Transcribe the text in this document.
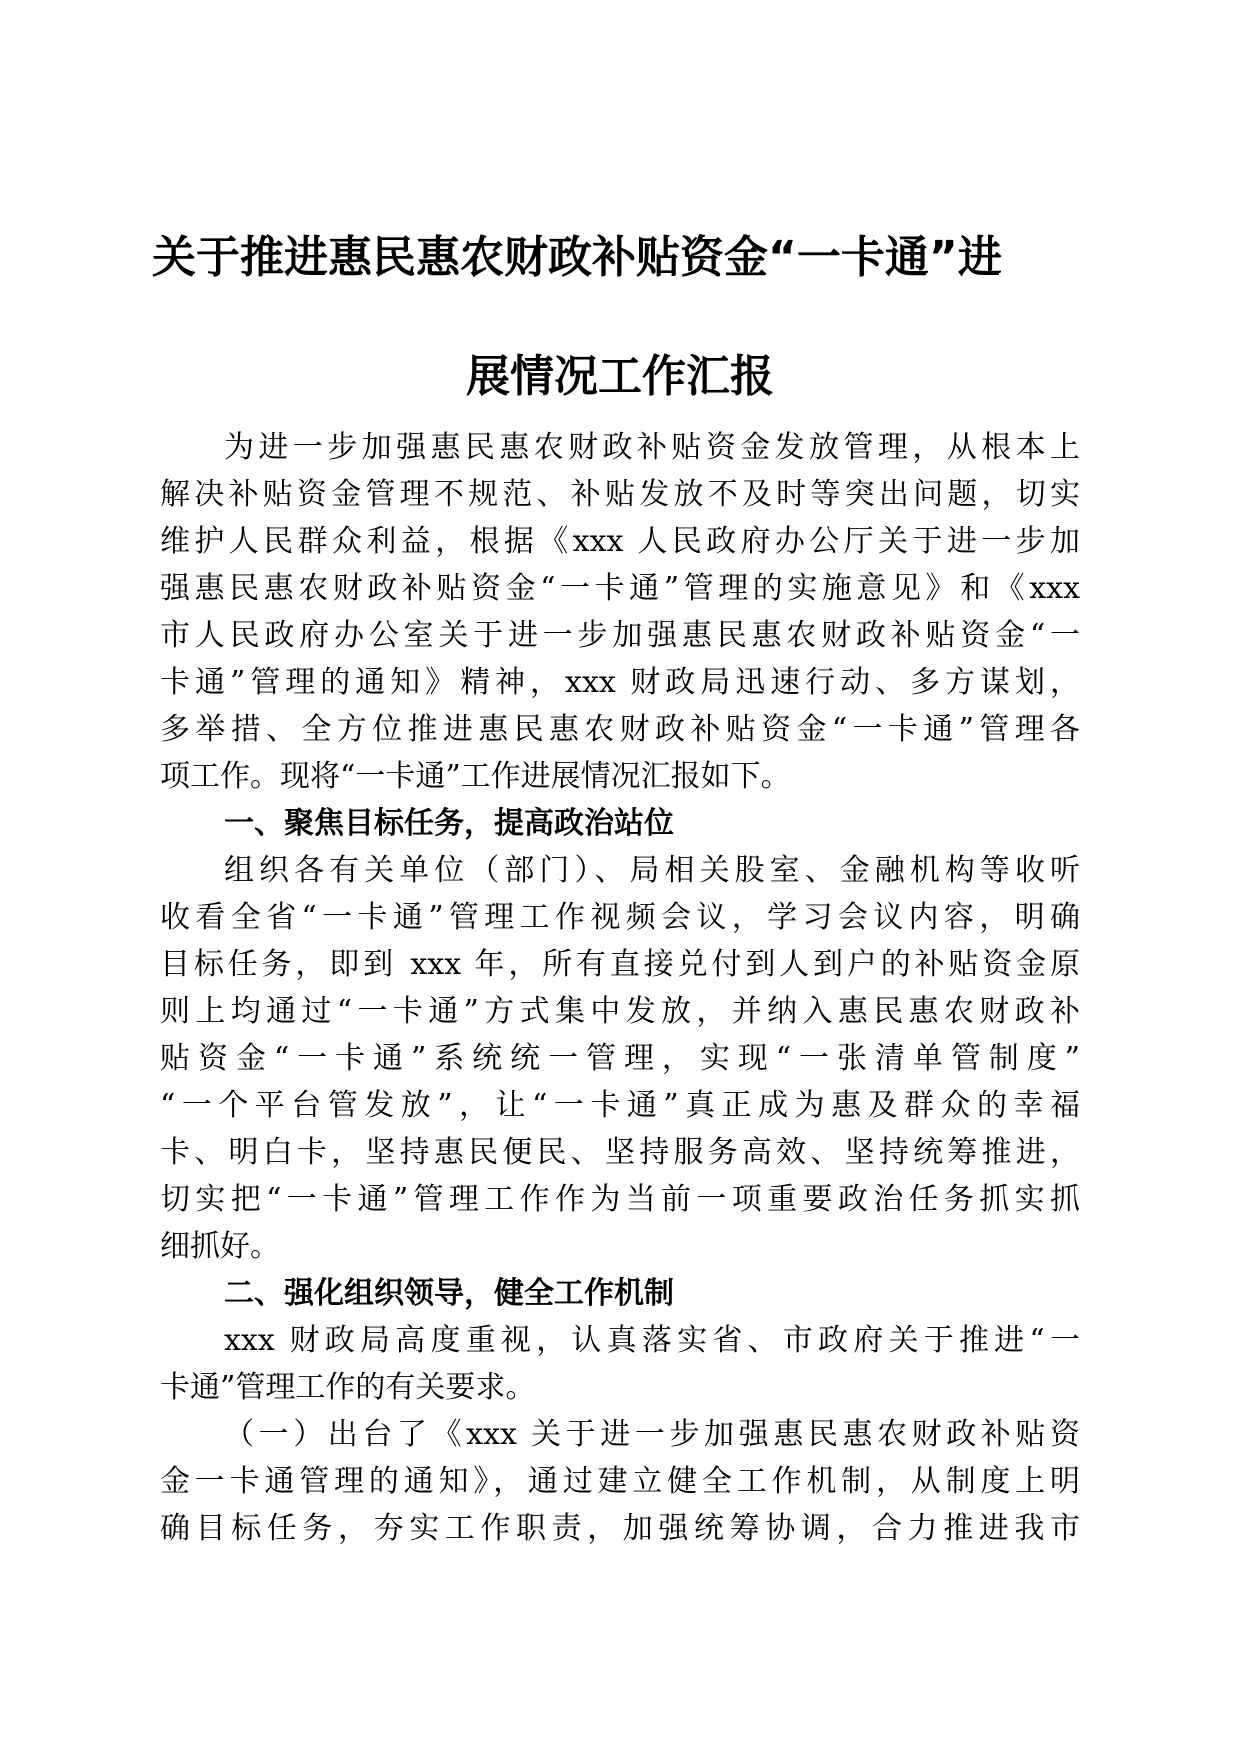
关于推进惠民惠农财政补贴资金“一卡通”进
展情况工作汇报

为进一步加强惠民惠农财政补贴资金发放管理，从根本上

解决补贴资金管理不规范、补贴发放不及时等突出问题，切实

维护人民群众利益，根据《xxx 人民政府办公厅关于进一步加

强惠民惠农财政补贴资金“一卡通”管理的实施意见》和《xxx

市人民政府办公室关于进一步加强惠民惠农财政补贴资金“一

卡通”管理的通知》精神，xxx 财政局迅速行动、多方谋划，

多举措、全方位推进惠民惠农财政补贴资金“一卡通”管理各

项工作。现将“一卡通”工作进展情况汇报如下。

一、聚焦目标任务，提高政治站位

组织各有关单位（部门）、局相关股室、金融机构等收听

收看全省“一卡通”管理工作视频会议，学习会议内容，明确

目标任务，即到 xxx 年，所有直接兑付到人到户的补贴资金原

则上均通过“一卡通”方式集中发放，并纳入惠民惠农财政补

贴资金“一卡通”系统统一管理，实现“一张清单管制度”

“一个平台管发放”，让“一卡通”真正成为惠及群众的幸福

卡、明白卡，坚持惠民便民、坚持服务高效、坚持统筹推进，

切实把“一卡通”管理工作作为当前一项重要政治任务抓实抓

细抓好。

二、强化组织领导，健全工作机制

xxx 财政局高度重视，认真落实省、市政府关于推进“一

卡通”管理工作的有关要求。

（一）出台了《xxx 关于进一步加强惠民惠农财政补贴资

金一卡通管理的通知》，通过建立健全工作机制，从制度上明

确目标任务，夯实工作职责，加强统筹协调，合力推进我市
